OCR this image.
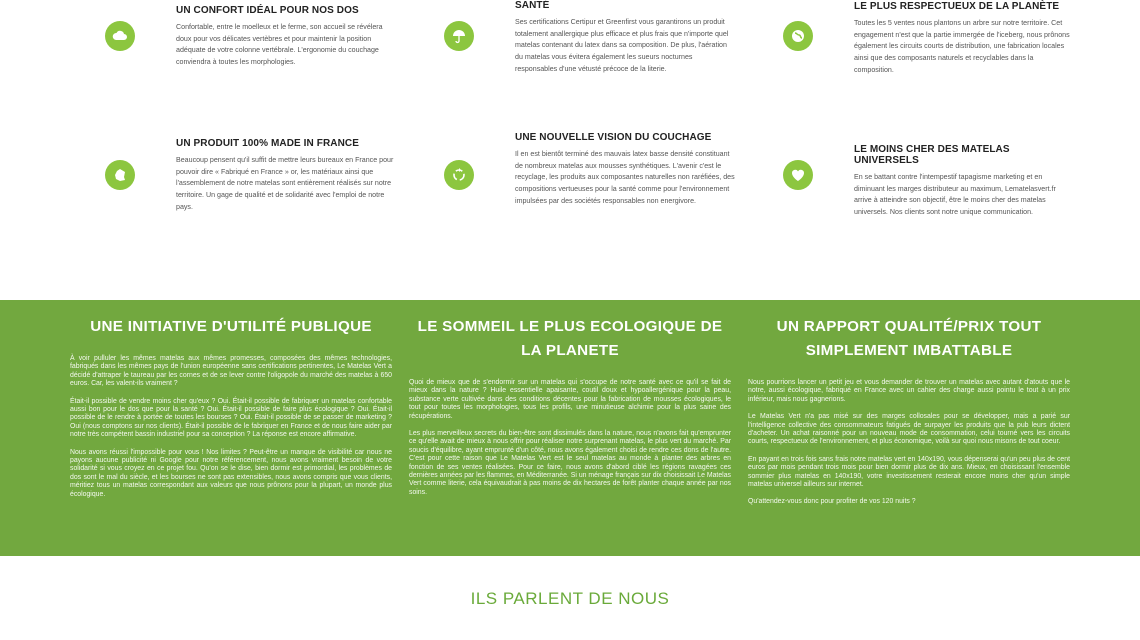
UN CONFORT IDÉAL POUR NOS DOS

Confortable, entre le moelleux et le ferme, son accueil se révélera doux pour vos délicates vertèbres et pour maintenir la position adéquate de votre colonne vertébrale. L'ergonomie du couchage conviendra à toutes les morphologies.

SANTÉ

Ses certifications Certipur et Greenfirst vous garantirons un produit totalement anallergique plus efficace et plus frais que n'importe quel matelas contenant du latex dans sa composition. De plus, l'aération du matelas vous évitera également les sueurs nocturnes responsables d'une vétusté précoce de la literie.

LE PLUS RESPECTUEUX DE LA PLANÈTE

Toutes les 5 ventes nous plantons un arbre sur notre territoire. Cet engagement n'est que la partie immergée de l'iceberg, nous prônons également les circuits courts de distribution, une fabrication locales ainsi que des composants naturels et recyclables dans la composition.

UN PRODUIT 100% MADE IN FRANCE

Beaucoup pensent qu'il suffit de mettre leurs bureaux en France pour pouvoir dire « Fabriqué en France » or, les matériaux ainsi que l'assemblement de notre matelas sont entièrement réalisés sur notre territoire. Un gage de qualité et de solidarité avec l'emploi de notre pays.

UNE NOUVELLE VISION DU COUCHAGE

Il en est bientôt terminé des mauvais latex basse densité constituant de nombreux matelas aux mousses synthétiques. L'avenir c'est le recyclage, les produits aux composantes naturelles non raréfiées, des compositions vertueuses pour la santé comme pour l'environnement impulsées par des sociétés responsables non energivore.

LE MOINS CHER DES MATELAS UNIVERSELS

En se battant contre l'intempestif tapagisme marketing et en diminuant les marges distributeur au maximum, Lematelasvert.fr arrive à atteindre son objectif, être le moins cher des matelas universels. Nos clients sont notre unique communication.

UNE INITIATIVE D'UTILITÉ PUBLIQUE

À voir pulluler les mêmes matelas aux mêmes promesses, composées des mêmes technologies, fabriqués dans les mêmes pays de l'union européenne sans certifications pertinentes, Le Matelas Vert a décidé d'attraper le taureau par les cornes et de se lever contre l'oligopole du marché des matelas à 650 euros. Car, les valent-ils vraiment ?

Était-il possible de vendre moins cher qu'eux ? Oui. Était-il possible de fabriquer un matelas confortable aussi bon pour le dos que pour la santé ? Oui. Était-il possible de faire plus écologique ? Oui. Était-il possible de le rendre à portée de toutes les bourses ? Oui. Était-il possible de se passer de marketing ? Oui (nous comptons sur nos clients). Était-il possible de le fabriquer en France et de nous faire aider par notre très compétent bassin industriel pour sa conception ? La réponse est encore affirmative.

Nous avons réussi l'impossible pour vous ! Nos limites ? Peut-être un manque de visibilité car nous ne payons aucune publicité ni Google pour notre référencement, nous avons vraiment besoin de votre solidarité si vous croyez en ce projet fou. Qu'on se le dise, bien dormir est primordial, les problèmes de dos sont le mal du siècle, et les bourses ne sont pas extensibles, nous avons compris que vous clients, méritiez tous un matelas correspondant aux valeurs que nous prônons pour la plupart, un monde plus écologique.

LE SOMMEIL LE PLUS ECOLOGIQUE DE LA PLANETE

Quoi de mieux que de s'endormir sur un matelas qui s'occupe de notre santé avec ce qu'il se fait de mieux dans la nature ? Huile essentielle apaisante, coutil doux et hypoallergénique pour la peau, substance verte cultivée dans des conditions décentes pour la fabrication de mousses écologiques, le tout pour toutes les morphologies, tous les profils, une minutieuse alchimie pour la plus saine des récupérations.

Les plus merveilleux secrets du bien-être sont dissimulés dans la nature, nous n'avons fait qu'emprunter ce qu'elle avait de mieux à nous offrir pour réaliser notre surprenant matelas, le plus vert du marché. Par soucis d'équilibre, ayant emprunté d'un côté, nous avons également choisi de rendre ces dons de l'autre. C'est pour cette raison que Le Matelas Vert est le seul matelas au monde à planter des arbres en fonction de ses ventes réalisées. Pour ce faire, nous avons d'abord ciblé les régions ravagées ces dernières années par les flammes, en Méditerranée. Si un ménage français sur dix choisissait Le Matelas Vert comme literie, cela équivaudrait à pas moins de dix hectares de forêt planter chaque année par nos soins.

UN RAPPORT QUALITÉ/PRIX TOUT SIMPLEMENT IMBATTABLE

Nous pourrions lancer un petit jeu et vous demander de trouver un matelas avec autant d'atouts que le notre, aussi écologique, fabriqué en France avec un cahier des charge aussi pointu le tout à un prix inférieur, mais nous gagnerions.

Le Matelas Vert n'a pas misé sur des marges collosales pour se développer, mais a parié sur l'intelligence collective des consommateurs fatigués de surpayer les produits que la pub leurs dictent d'acheter. Un achat raisonné pour un nouveau mode de consommation, celui tourné vers les circuits courts, respectueux de l'environnement, et plus économique, voilà sur quoi nous misons de tout coeur.

En payant en trois fois sans frais notre matelas vert en 140x190, vous dépenserai qu'un peu plus de cent euros par mois pendant trois mois pour bien dormir plus de dix ans. Mieux, en choisissant l'ensemble sommier plus matelas en 140x190, votre investissement resterait encore moins cher qu'un simple matelas universel ailleurs sur internet.

Qu'attendez-vous donc pour profiter de vos 120 nuits ?

ILS PARLENT DE NOUS
